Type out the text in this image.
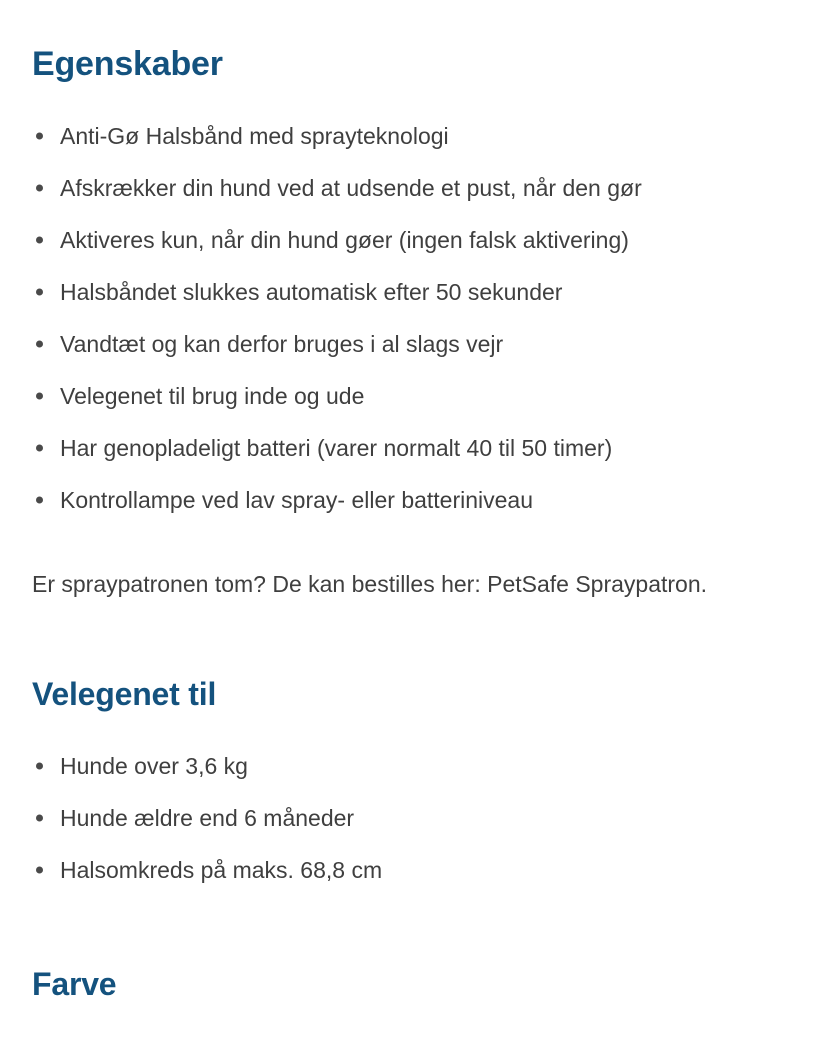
Egenskaber
Anti-Gø Halsbånd med sprayteknologi
Afskrækker din hund ved at udsende et pust, når den gør
Aktiveres kun, når din hund gøer (ingen falsk aktivering)
Halsbåndet slukkes automatisk efter 50 sekunder
Vandtæt og kan derfor bruges i al slags vejr
Velegenet til brug inde og ude
Har genopladeligt batteri (varer normalt 40 til 50 timer)
Kontrollampe ved lav spray- eller batteriniveau

Er spraypatronen tom? De kan bestilles her: PetSafe Spraypatron.

Velegenet til
Hunde over 3,6 kg
Hunde ældre end 6 måneder
Halsomkreds på maks. 68,8 cm
Farve
